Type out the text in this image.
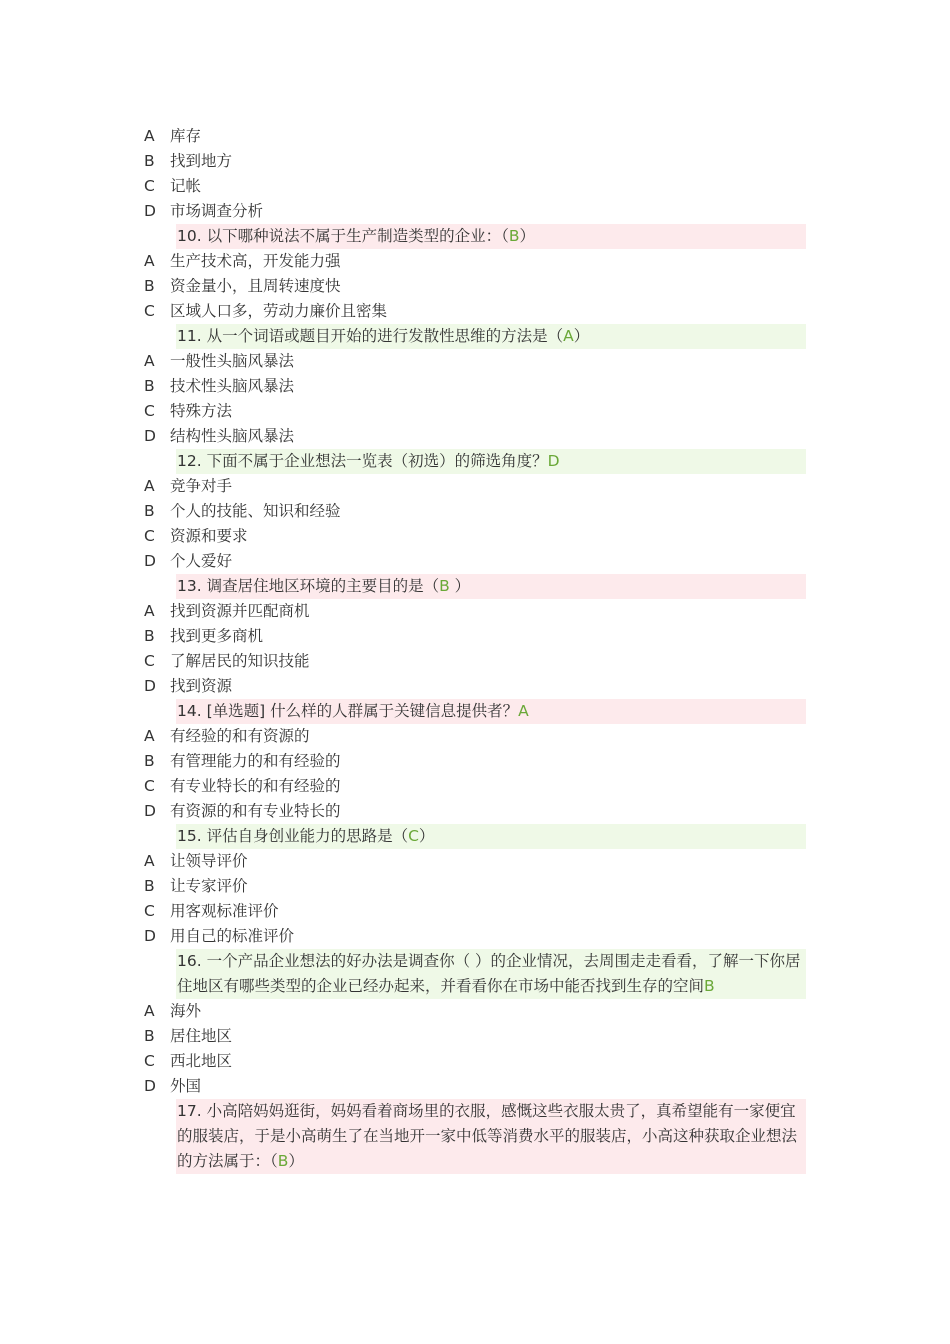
A 库存
B 找到地方
C 记帐
D 市场调查分析
10. 以下哪种说法不属于生产制造类型的企业：（B）
A 生产技术高，开发能力强
B 资金量小，且周转速度快
C 区域人口多，劳动力廉价且密集
11. 从一个词语或题目开始的进行发散性思维的方法是（A）
A 一般性头脑风暴法
B 技术性头脑风暴法
C 特殊方法
D 结构性头脑风暴法
12. 下面不属于企业想法一览表（初选）的筛选角度？D
A 竞争对手
B 个人的技能、知识和经验
C 资源和要求
D 个人爱好
13. 调查居住地区环境的主要目的是（B ）
A 找到资源并匹配商机
B 找到更多商机
C 了解居民的知识技能
D 找到资源
14. [单选题] 什么样的人群属于关键信息提供者？A
A 有经验的和有资源的
B 有管理能力的和有经验的
C 有专业特长的和有经验的
D 有资源的和有专业特长的
15. 评估自身创业能力的思路是（C）
A 让领导评价
B 让专家评价
C 用客观标准评价
D 用自己的标准评价
16. 一个产品企业想法的好办法是调查你（ ）的企业情况，去周围走走看看，了解一下你居住地区有哪些类型的企业已经办起来，并看看你在市场中能否找到生存的空间B
A 海外
B 居住地区
C 西北地区
D 外国
17. 小高陪妈妈逛街，妈妈看着商场里的衣服，感慨这些衣服太贵了，真希望能有一家便宜的服装店，于是小高萌生了在当地开一家中低等消费水平的服装店，小高这种获取企业想法的方法属于：（B）
